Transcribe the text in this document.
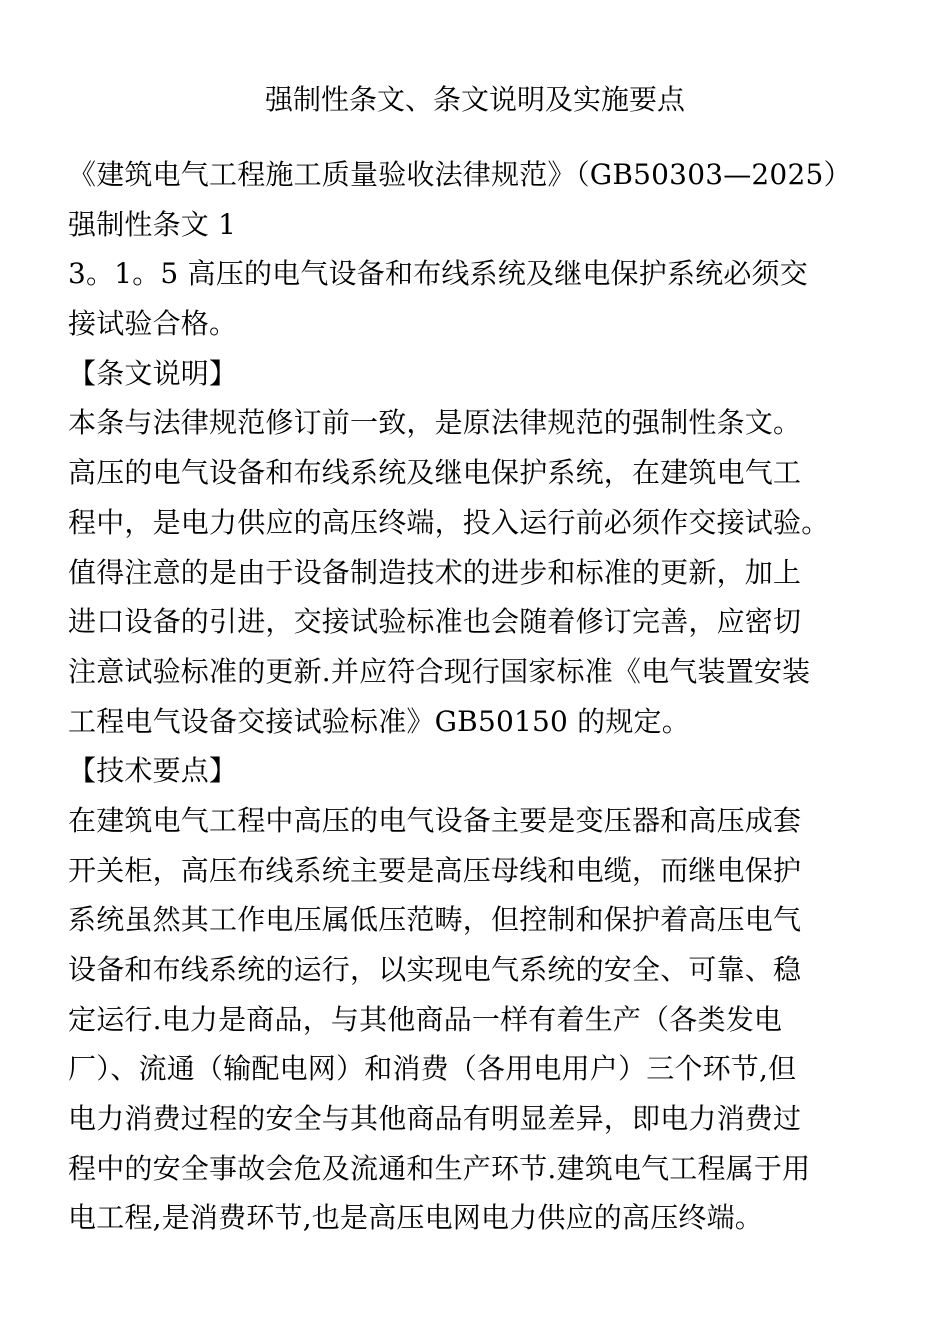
强制性条文、条文说明及实施要点
《建筑电气工程施工质量验收法律规范》（GB50303—2025）
强制性条文 1
3。1。5 高压的电气设备和布线系统及继电保护系统必须交
接试验合格。
【条文说明】
本条与法律规范修订前一致，是原法律规范的强制性条文。
高压的电气设备和布线系统及继电保护系统，在建筑电气工
程中，是电力供应的高压终端，投入运行前必须作交接试验。
值得注意的是由于设备制造技术的进步和标准的更新，加上
进口设备的引进，交接试验标准也会随着修订完善，应密切
注意试验标准的更新.并应符合现行国家标准《电气装置安装
工程电气设备交接试验标准》GB50150 的规定。
【技术要点】
在建筑电气工程中高压的电气设备主要是变压器和高压成套
开关柜，高压布线系统主要是高压母线和电缆，而继电保护
系统虽然其工作电压属低压范畴，但控制和保护着高压电气
设备和布线系统的运行，以实现电气系统的安全、可靠、稳
定运行.电力是商品，与其他商品一样有着生产（各类发电
厂）、流通（输配电网）和消费（各用电用户）三个环节,但
电力消费过程的安全与其他商品有明显差异，即电力消费过
程中的安全事故会危及流通和生产环节.建筑电气工程属于用
电工程,是消费环节,也是高压电网电力供应的高压终端。
